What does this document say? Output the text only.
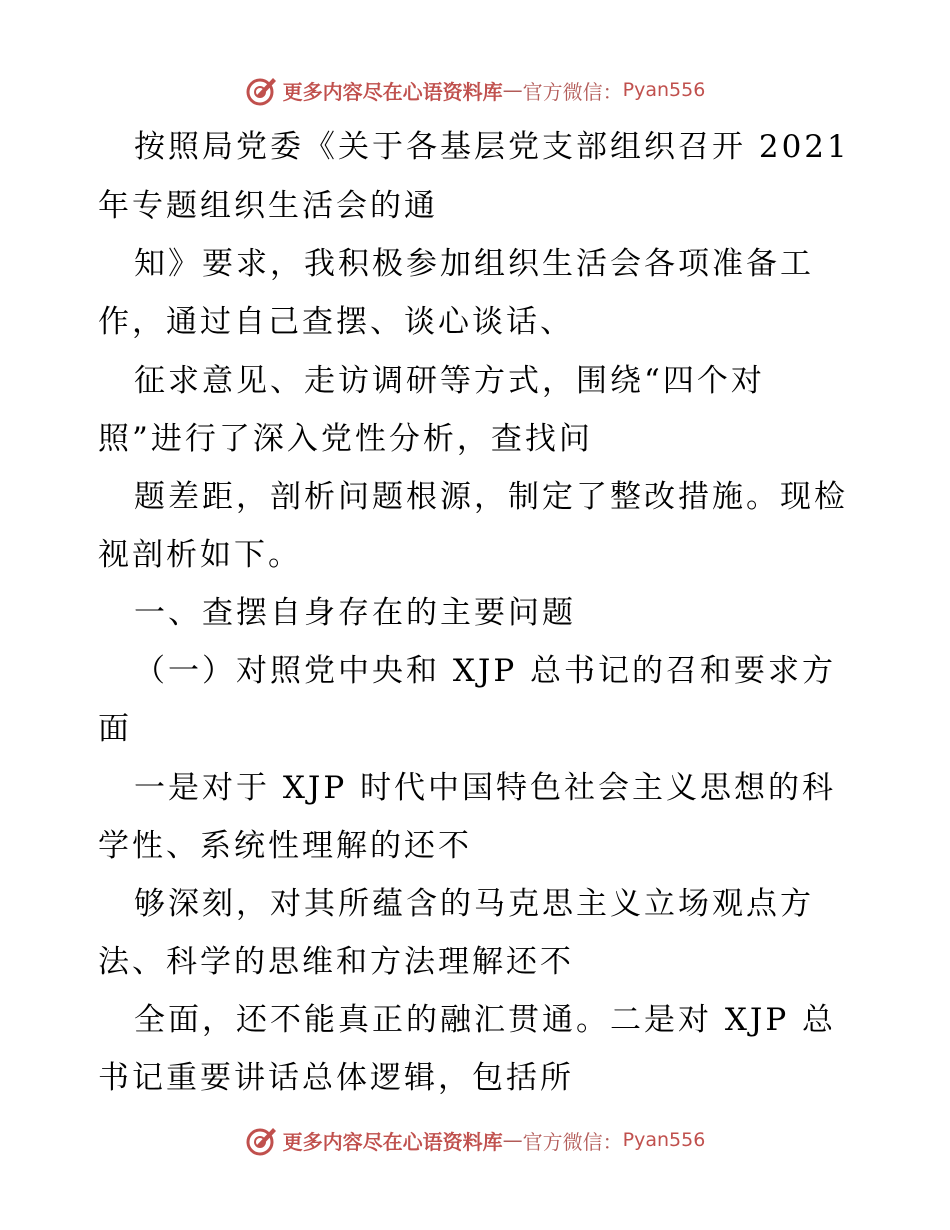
更多内容尽在心语资料库 — 官方微信： Pyan556
按照局党委《关于各基层党支部组织召开 2021
年专题组织生活会的通
知》要求，我积极参加组织生活会各项准备工
作，通过自己查摆、谈心谈话、
征求意见、走访调研等方式，围绕“四个对
照”进行了深入党性分析，查找问
题差距，剖析问题根源，制定了整改措施。现检
视剖析如下。
一、查摆自身存在的主要问题
（一）对照党中央和 XJP 总书记的召和要求方
面
一是对于 XJP 时代中国特色社会主义思想的科
学性、系统性理解的还不
够深刻，对其所蕴含的马克思主义立场观点方
法、科学的思维和方法理解还不
全面，还不能真正的融汇贯通。二是对 XJP 总
书记重要讲话总体逻辑，包括所
更多内容尽在心语资料库 — 官方微信： Pyan556
